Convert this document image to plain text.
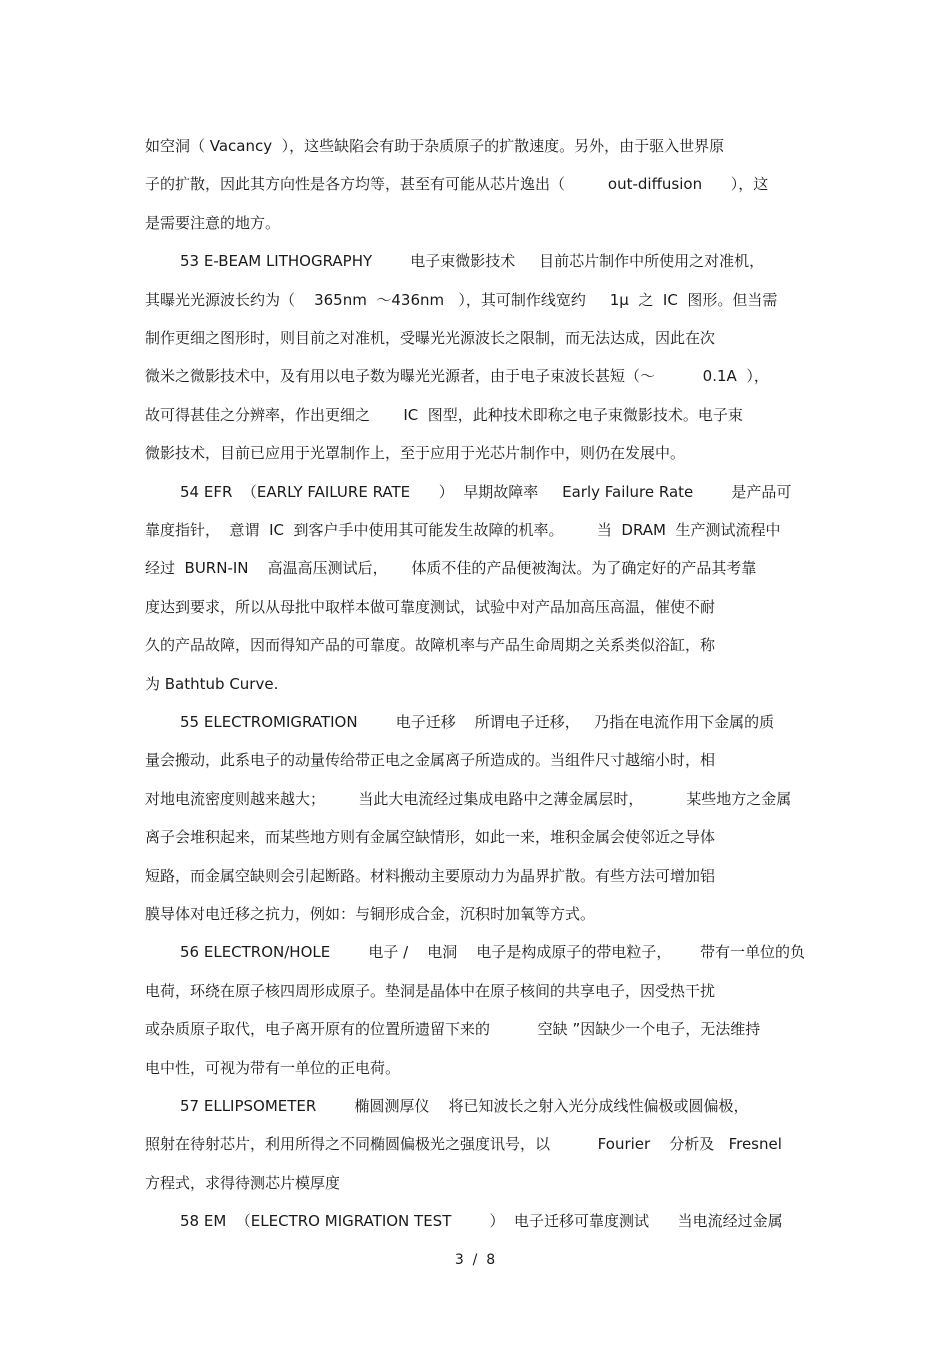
如空洞（ Vacancy  ），这些缺陷会有助于杂质原子的扩散速度。另外，由于驱入世界原
子的扩散，因此其方向性是各方均等，甚至有可能从芯片逸出（         out-diffusion      ），这
是需要注意的地方。
53 E-BEAM LITHOGRAPHY        电子束微影技术     目前芯片制作中所使用之对准机，
其曝光光源波长约为（    365nm  ～436nm   ），其可制作线宽约     1µ  之  IC  图形。但当需
制作更细之图形时，则目前之对准机，受曝光光源波长之限制，而无法达成，因此在次
微米之微影技术中，及有用以电子数为曝光光源者，由于电子束波长甚短（～          0.1A  ），
故可得甚佳之分辨率，作出更细之       IC  图型，此种技术即称之电子束微影技术。电子束
微影技术，目前已应用于光罩制作上，至于应用于光芯片制作中，则仍在发展中。
54 EFR  （EARLY FAILURE RATE      ）  早期故障率     Early Failure Rate        是产品可
靠度指针，  意谓  IC  到客户手中使用其可能发生故障的机率。       当  DRAM  生产测试流程中
经过  BURN-IN    高温高压测试后，     体质不佳的产品便被淘汰。为了确定好的产品其考靠
度达到要求，所以从母批中取样本做可靠度测试，试验中对产品加高压高温，催使不耐
久的产品故障，因而得知产品的可靠度。故障机率与产品生命周期之关系类似浴缸，称
为 Bathtub Curve.
55 ELECTROMIGRATION        电子迁移    所谓电子迁移，   乃指在电流作用下金属的质
量会搬动，此系电子的动量传给带正电之金属离子所造成的。当组件尺寸越缩小时，相
对地电流密度则越来越大；       当此大电流经过集成电路中之薄金属层时，         某些地方之金属
离子会堆积起来，而某些地方则有金属空缺情形，如此一来，堆积金属会使邻近之导体
短路，而金属空缺则会引起断路。材料搬动主要原动力为晶界扩散。有些方法可增加铝
膜导体对电迁移之抗力，例如：与铜形成合金，沉积时加氧等方式。
56 ELECTRON/HOLE        电子 /    电洞    电子是构成原子的带电粒子，      带有一单位的负
电荷，环绕在原子核四周形成原子。垫洞是晶体中在原子核间的共享电子，因受热干扰
或杂质原子取代，电子离开原有的位置所遗留下来的          空缺 ”因缺少一个电子，无法维持
电中性，可视为带有一单位的正电荷。
57 ELLIPSOMETER        椭圆测厚仪    将已知波长之射入光分成线性偏极或圆偏极，
照射在待射芯片，利用所得之不同椭圆偏极光之强度讯号，以          Fourier    分析及   Fresnel
方程式，求得待测芯片模厚度
58 EM  （ELECTRO MIGRATION TEST        ）  电子迁移可靠度测试      当电流经过金属
3  /  8
